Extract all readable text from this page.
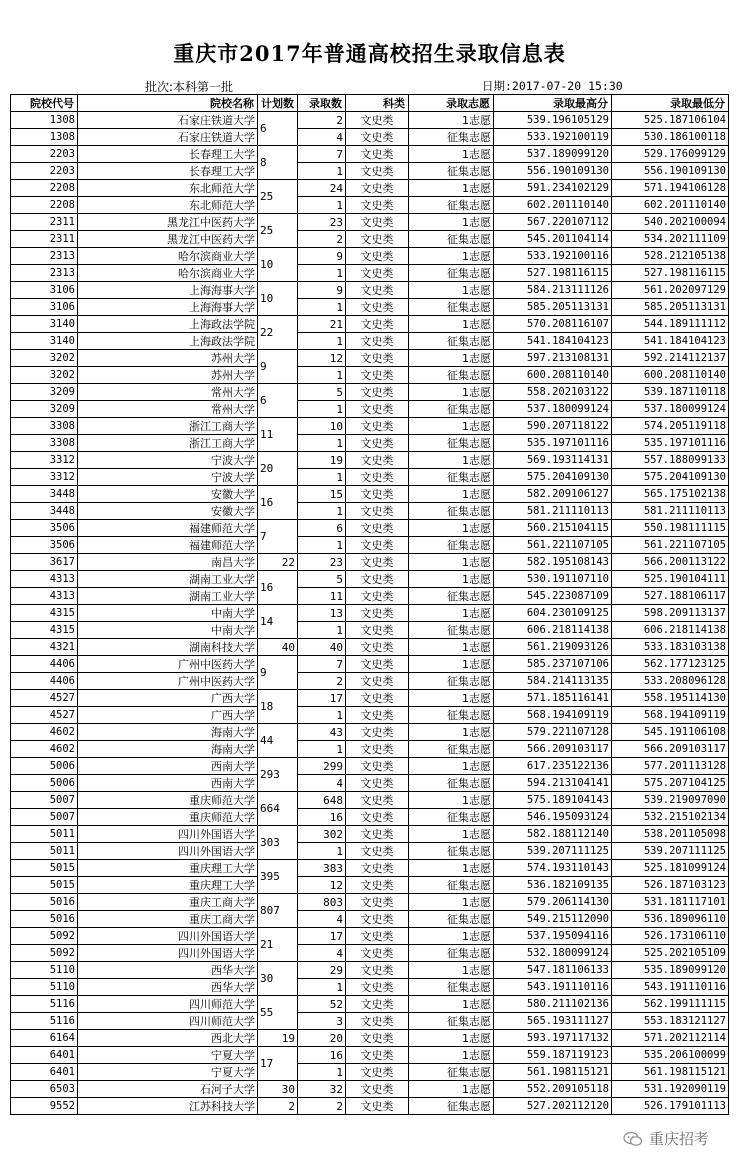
重庆市2017年普通高校招生录取信息表
批次:本科第一批	日期:2017-07-20 15:30
院校代号	院校名称	计划数	录取数	科类	录取志愿	录取最高分	录取最低分
1308	石家庄铁道大学	6	2	文史类	1志愿	539.196105129	525.187106104
1308	石家庄铁道大学		4	文史类	征集志愿	533.192100119	530.186100118
2203	长春理工大学	8	7	文史类	1志愿	537.189099120	529.176099129
2203	长春理工大学		1	文史类	征集志愿	556.190109130	556.190109130
2208	东北师范大学	25	24	文史类	1志愿	591.234102129	571.194106128
2208	东北师范大学		1	文史类	征集志愿	602.201110140	602.201110140
2311	黑龙江中医药大学	25	23	文史类	1志愿	567.220107112	540.202100094
2311	黑龙江中医药大学		2	文史类	征集志愿	545.201104114	534.202111109
2313	哈尔滨商业大学	10	9	文史类	1志愿	533.192100116	528.212105138
2313	哈尔滨商业大学		1	文史类	征集志愿	527.198116115	527.198116115
3106	上海海事大学	10	9	文史类	1志愿	584.213111126	561.202097129
3106	上海海事大学		1	文史类	征集志愿	585.205113131	585.205113131
3140	上海政法学院	22	21	文史类	1志愿	570.208116107	544.189111112
3140	上海政法学院		1	文史类	征集志愿	541.184104123	541.184104123
3202	苏州大学	9	12	文史类	1志愿	597.213108131	592.214112137
3202	苏州大学		1	文史类	征集志愿	600.208110140	600.208110140
3209	常州大学	6	5	文史类	1志愿	558.202103122	539.187110118
3209	常州大学		1	文史类	征集志愿	537.180099124	537.180099124
3308	浙江工商大学	11	10	文史类	1志愿	590.207118122	574.205119118
3308	浙江工商大学		1	文史类	征集志愿	535.197101116	535.197101116
3312	宁波大学	20	19	文史类	1志愿	569.193114131	557.188099133
3312	宁波大学		1	文史类	征集志愿	575.204109130	575.204109130
3448	安徽大学	16	15	文史类	1志愿	582.209106127	565.175102138
3448	安徽大学		1	文史类	征集志愿	581.211110113	581.211110113
3506	福建师范大学	7	6	文史类	1志愿	560.215104115	550.198111115
3506	福建师范大学		1	文史类	征集志愿	561.221107105	561.221107105
3617	南昌大学	22	23	文史类	1志愿	582.195108143	566.200113122
4313	湖南工业大学	16	5	文史类	1志愿	530.191107110	525.190104111
4313	湖南工业大学		11	文史类	征集志愿	545.223087109	527.188106117
4315	中南大学	14	13	文史类	1志愿	604.230109125	598.209113137
4315	中南大学		1	文史类	征集志愿	606.218114138	606.218114138
4321	湖南科技大学	40	40	文史类	1志愿	561.219093126	533.183103138
4406	广州中医药大学	9	7	文史类	1志愿	585.237107106	562.177123125
4406	广州中医药大学		2	文史类	征集志愿	584.214113135	533.208096128
4527	广西大学	18	17	文史类	1志愿	571.185116141	558.195114130
4527	广西大学		1	文史类	征集志愿	568.194109119	568.194109119
4602	海南大学	44	43	文史类	1志愿	579.221107128	545.191106108
4602	海南大学		1	文史类	征集志愿	566.209103117	566.209103117
5006	西南大学	293	299	文史类	1志愿	617.235122136	577.201113128
5006	西南大学		4	文史类	征集志愿	594.213104141	575.207104125
5007	重庆师范大学	664	648	文史类	1志愿	575.189104143	539.219097090
5007	重庆师范大学		16	文史类	征集志愿	546.195093124	532.215102134
5011	四川外国语大学	303	302	文史类	1志愿	582.188112140	538.201105098
5011	四川外国语大学		1	文史类	征集志愿	539.207111125	539.207111125
5015	重庆理工大学	395	383	文史类	1志愿	574.193110143	525.181099124
5015	重庆理工大学		12	文史类	征集志愿	536.182109135	526.187103123
5016	重庆工商大学	807	803	文史类	1志愿	579.206114130	531.181117101
5016	重庆工商大学		4	文史类	征集志愿	549.215112090	536.189096110
5092	四川外国语大学	21	17	文史类	1志愿	537.195094116	526.173106110
5092	四川外国语大学		4	文史类	征集志愿	532.180099124	525.202105109
5110	西华大学	30	29	文史类	1志愿	547.181106133	535.189099120
5110	西华大学		1	文史类	征集志愿	543.191110116	543.191110116
5116	四川师范大学	55	52	文史类	1志愿	580.211102136	562.199111115
5116	四川师范大学		3	文史类	征集志愿	565.193111127	553.183121127
6164	西北大学	19	20	文史类	1志愿	593.197117132	571.202112114
6401	宁夏大学	17	16	文史类	1志愿	559.187119123	535.206100099
6401	宁夏大学		1	文史类	征集志愿	561.198115121	561.198115121
6503	石河子大学	30	32	文史类	1志愿	552.209105118	531.192090119
9552	江苏科技大学	2	2	文史类	征集志愿	527.202112120	526.179101113
重庆招考
